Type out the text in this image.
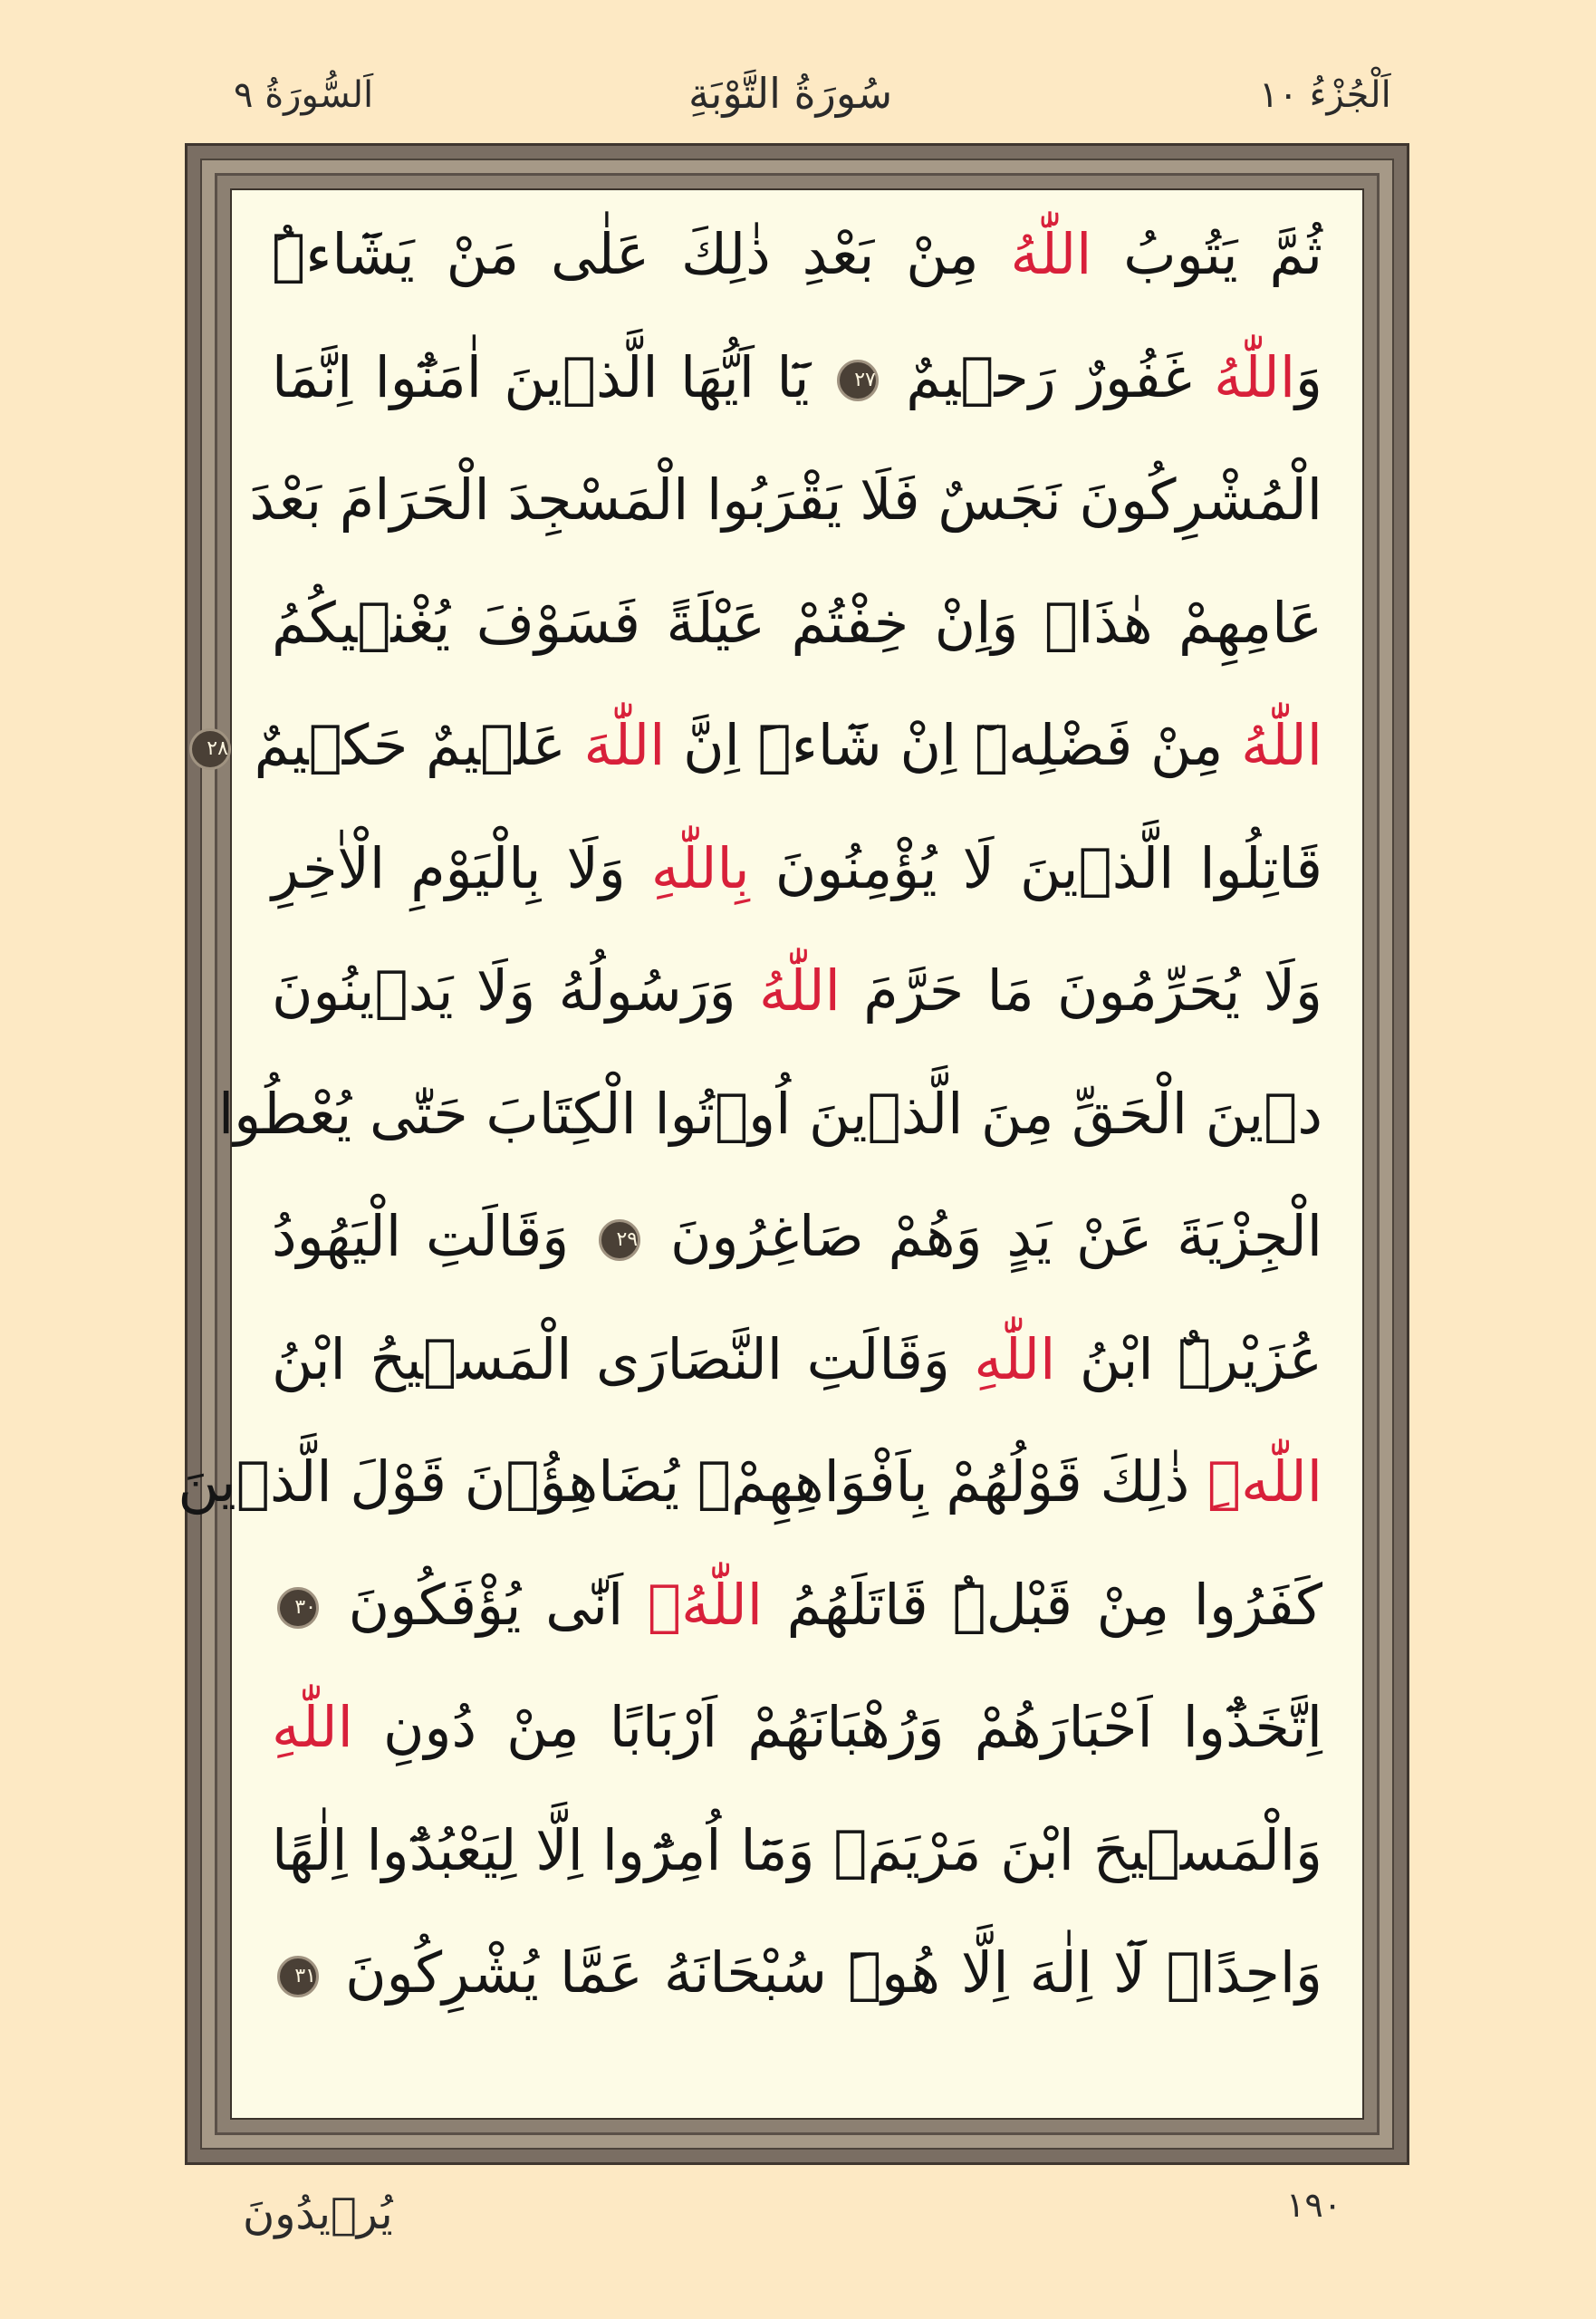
اَلْجُزْءُ ١٠
سُورَةُ التَّوْبَةِ
اَلسُّورَةُ ٩
ثُمَّ يَتُوبُ اللّٰهُ مِنْ بَعْدِ ذٰلِكَ عَلٰى مَنْ يَشَٓاءُۜ
وَاللّٰهُ غَفُورٌ رَح۪يمٌ ٢٧ يَٓا اَيُّهَا الَّذ۪ينَ اٰمَنُٓوا اِنَّمَا
الْمُشْرِكُونَ نَجَسٌ فَلَا يَقْرَبُوا الْمَسْجِدَ الْحَرَامَ بَعْدَ
عَامِهِمْ هٰذَاۚ وَاِنْ خِفْتُمْ عَيْلَةً فَسَوْفَ يُغْن۪يكُمُ
اللّٰهُ مِنْ فَضْلِه۪ٓ اِنْ شَٓاءَۜ اِنَّ اللّٰهَ عَل۪يمٌ حَك۪يمٌ ٢٨
قَاتِلُوا الَّذ۪ينَ لَا يُؤْمِنُونَ بِاللّٰهِ وَلَا بِالْيَوْمِ الْاٰخِرِ
وَلَا يُحَرِّمُونَ مَا حَرَّمَ اللّٰهُ وَرَسُولُهُ وَلَا يَد۪ينُونَ
د۪ينَ الْحَقِّ مِنَ الَّذ۪ينَ اُو۫تُوا الْكِتَابَ حَتّٰى يُعْطُوا
الْجِزْيَةَ عَنْ يَدٍ وَهُمْ صَاغِرُونَ ٢٩ وَقَالَتِ الْيَهُودُ
عُزَيْرٌۨ ابْنُ اللّٰهِ وَقَالَتِ النَّصَارَى الْمَس۪يحُ ابْنُ
اللّٰهِۜ ذٰلِكَ قَوْلُهُمْ بِاَفْوَاهِهِمْۚ يُضَاهِؤُ۫نَ قَوْلَ الَّذ۪ينَ
كَفَرُوا مِنْ قَبْلُۜ قَاتَلَهُمُ اللّٰهُۘ اَنّٰى يُؤْفَكُونَ ٣٠
اِتَّخَذُٓوا اَحْبَارَهُمْ وَرُهْبَانَهُمْ اَرْبَابًا مِنْ دُونِ اللّٰهِ
وَالْمَس۪يحَ ابْنَ مَرْيَمَۚ وَمَٓا اُمِرُٓوا اِلَّا لِيَعْبُدُٓوا اِلٰهًا
وَاحِدًاۚ لَٓا اِلٰهَ اِلَّا هُوَۜ سُبْحَانَهُ عَمَّا يُشْرِكُونَ ٣١
١٩٠
يُر۪يدُونَ
